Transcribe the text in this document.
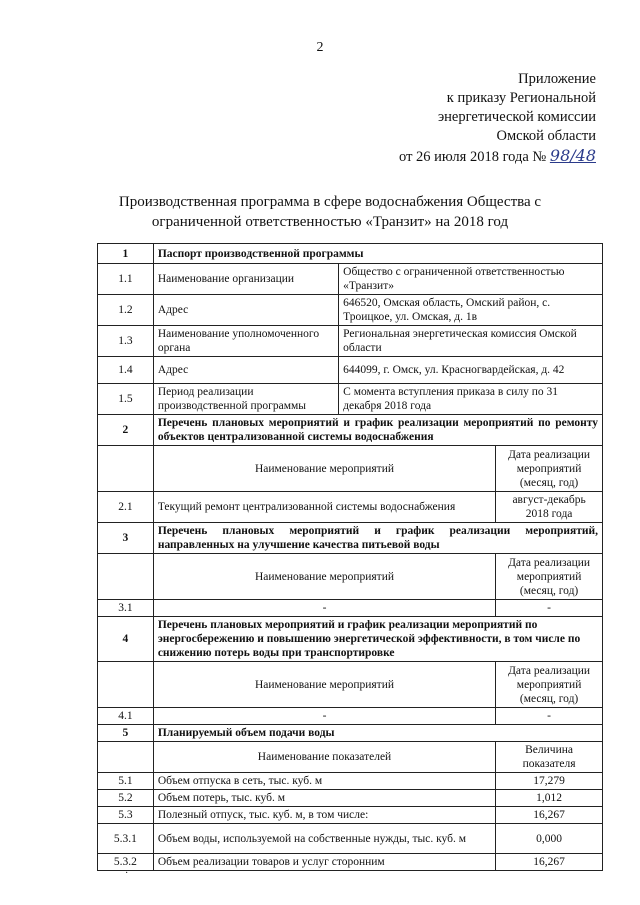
2
Приложение
к приказу Региональной
энергетической комиссии
Омской области
от 26 июля 2018 года № 98/48
Производственная программа в сфере водоснабжения Общества с
ограниченной ответственностью «Транзит» на 2018 год
1	Паспорт производственной программы		
1.1	Наименование организации	Общество с ограниченной ответственностью «Транзит»	
1.2	Адрес	646520, Омская область, Омский район, с. Троицкое, ул. Омская, д. 1в	
1.3	Наименование уполномоченного органа	Региональная энергетическая комиссия Омской области	
1.4	Адрес	644099, г. Омск, ул. Красногвардейская, д. 42	
1.5	Период реализации производственной программы	С момента вступления приказа в силу по 31 декабря 2018 года	
2	Перечень плановых мероприятий и график реализации мероприятий по ремонту объектов централизованной системы водоснабжения		
	Наименование мероприятий		Дата реализации мероприятий (месяц, год)
2.1	Текущий ремонт централизованной системы водоснабжения		август-декабрь 2018 года
3	Перечень плановых мероприятий и график реализации мероприятий, направленных на улучшение качества питьевой воды		
	Наименование мероприятий		Дата реализации мероприятий (месяц, год)
3.1	-		-
4	Перечень плановых мероприятий и график реализации мероприятий по энергосбережению и повышению энергетической эффективности, в том числе по снижению потерь воды при транспортировке		
	Наименование мероприятий		Дата реализации мероприятий (месяц, год)
4.1	-		-
5	Планируемый объем подачи воды		
	Наименование показателей		Величина показателя
5.1	Объем отпуска в сеть, тыс. куб. м		17,279
5.2	Объем потерь, тыс. куб. м		1,012
5.3	Полезный отпуск, тыс. куб. м, в том числе:		16,267
5.3.1	Объем воды, используемой на собственные нужды, тыс. куб. м		0,000
5.3.2	Объем реализации товаров и услуг сторонним		16,267
·
